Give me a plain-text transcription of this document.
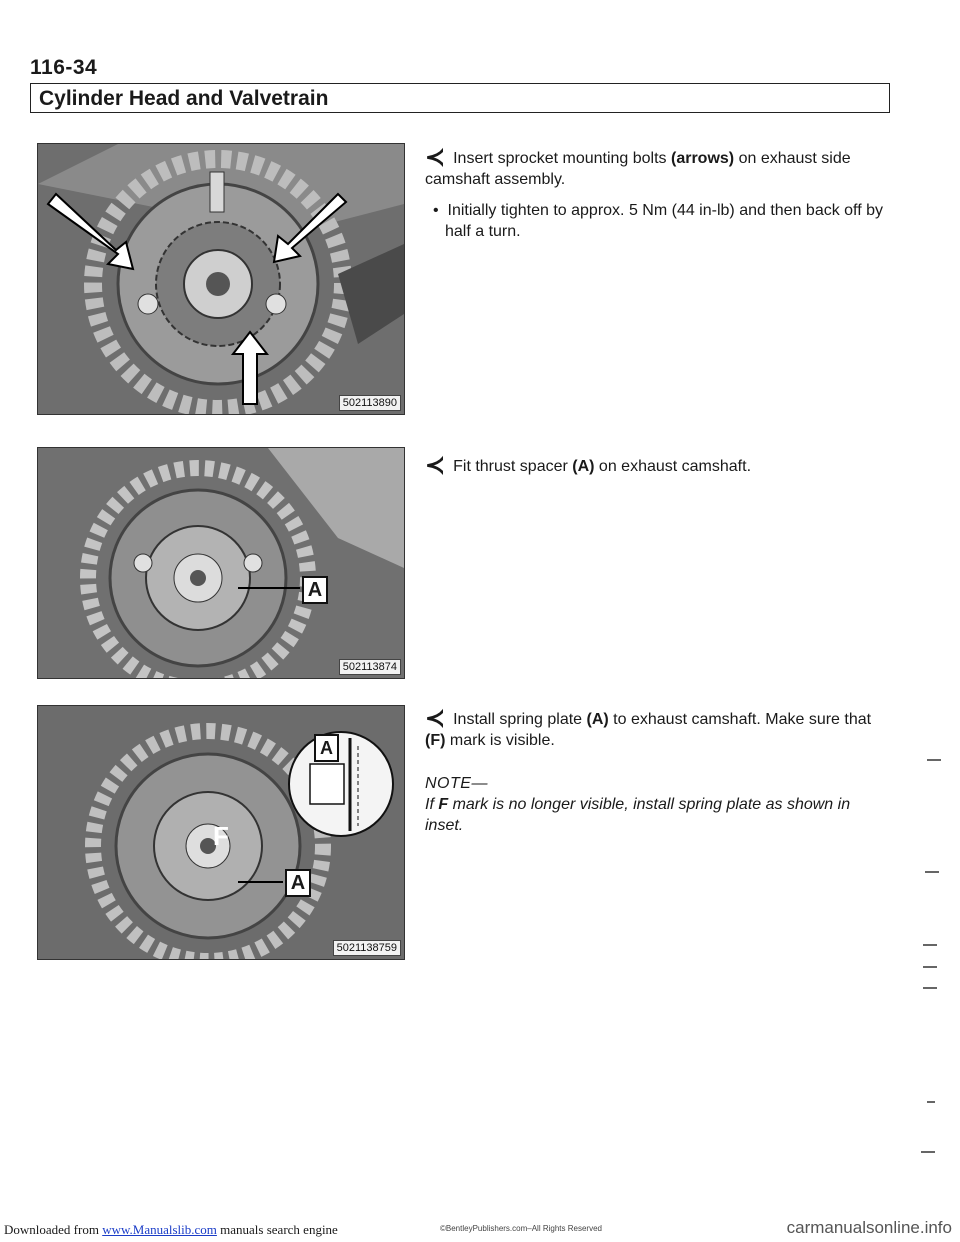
116-34
Cylinder Head and Valvetrain
502113890
A
502113874
A
A
F
5021138759
≺ Insert sprocket mounting bolts (arrows) on exhaust side camshaft assembly.
•  Initially tighten to approx. 5 Nm (44 in-lb) and then back off by half a turn.
≺ Fit thrust spacer (A) on exhaust camshaft.
≺ Install spring plate (A) to exhaust camshaft. Make sure that (F) mark is visible.
NOTE—
If F mark is no longer visible, install spring plate as shown in inset.
Downloaded from www.Manualslib.com manuals search engine	©BentleyPublishers.com–All Rights Reserved	carmanualsonline.info
